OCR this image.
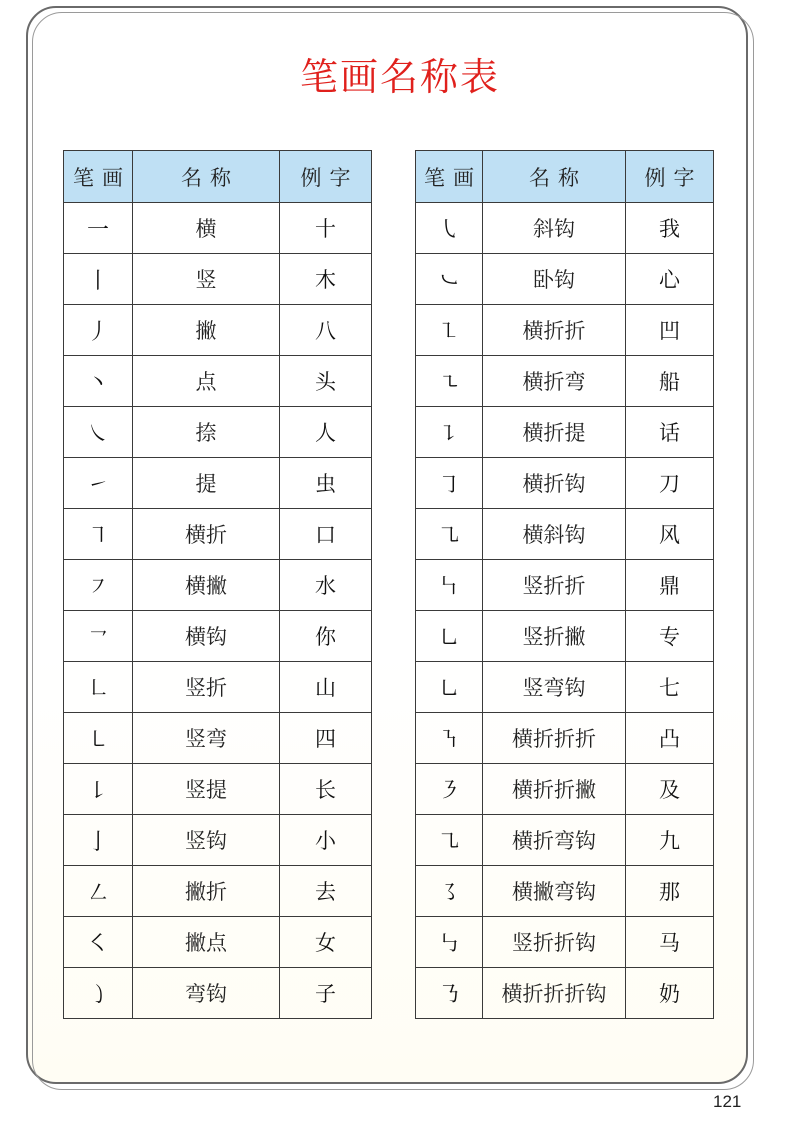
笔画名称表
笔画	名称	例字
一	横	十
丨	竖	木
丿	撇	八
丶	点	头
㇏	捺	人
㇀	提	虫
㇕	横折	口
㇇	横撇	水
㇖	横钩	你
㇗	竖折	山
㇄	竖弯	四
㇙	竖提	长
亅	竖钩	小
㇜	撇折	去
㇛	撇点	女
㇁	弯钩	子
笔画	名称	例字
㇂	斜钩	我
㇃	卧钩	心
㇅	横折折	凹
㇍	横折弯	船
㇊	横折提	话
㇆	横折钩	刀
㇈	横斜钩	风
㇞	竖折折	鼎
㇟	竖折撇	专
㇟	竖弯钩	七
㇎	横折折折	凸
㇋	横折折撇	及
㇈	横折弯钩	九
㇌	横撇弯钩	那
㇉	竖折折钩	马
㇡	横折折折钩	奶
121
